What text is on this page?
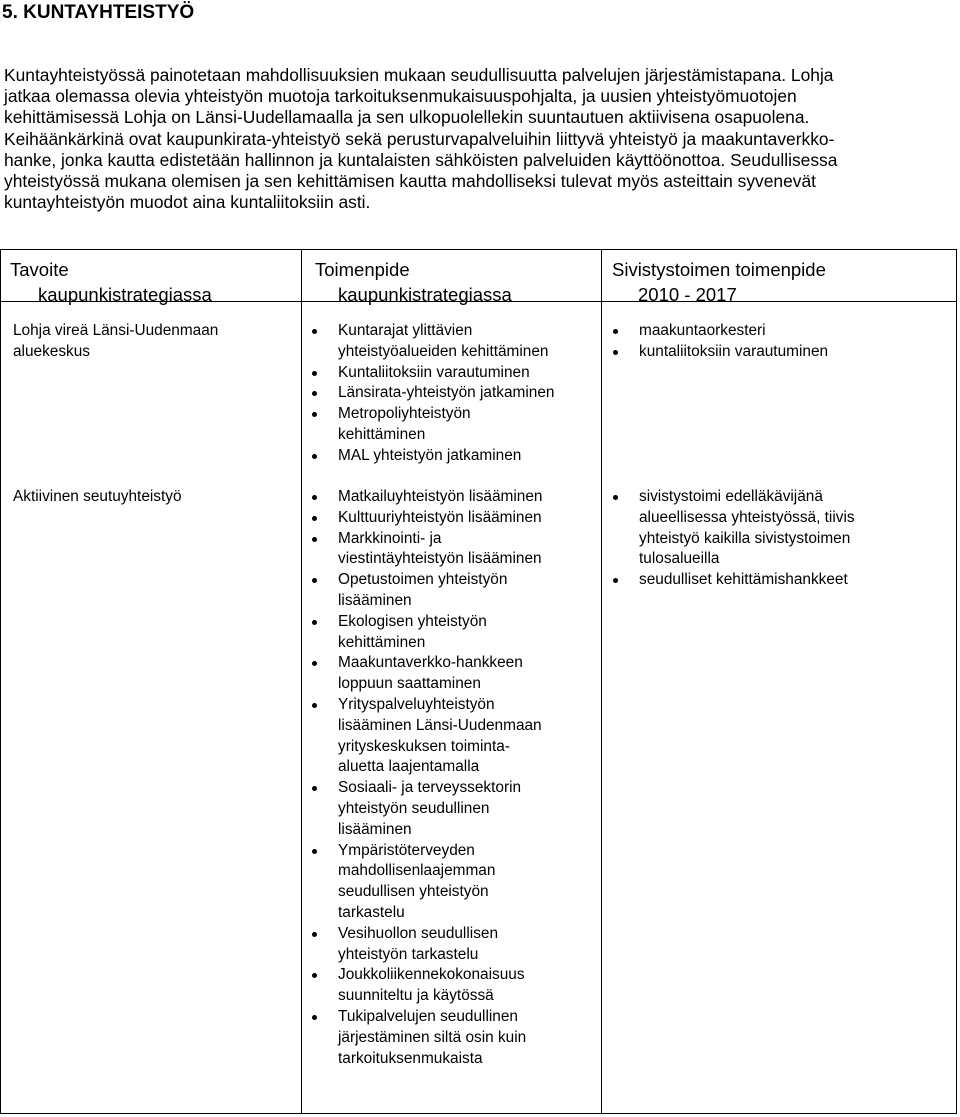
5. KUNTAYHTEISTYÖ
Kuntayhteistyössä painotetaan mahdollisuuksien mukaan seudullisuutta palvelujen järjestämistapana. Lohja
jatkaa olemassa olevia yhteistyön muotoja tarkoituksenmukaisuuspohjalta, ja uusien yhteistyömuotojen
kehittämisessä Lohja on Länsi-Uudellamaalla ja sen ulkopuolellekin suuntautuen aktiivisena osapuolena.
Keihäänkärkinä ovat kaupunkirata-yhteistyö sekä perusturvapalveluihin liittyvä yhteistyö ja maakuntaverkko-
hanke, jonka kautta edistetään hallinnon ja kuntalaisten sähköisten palveluiden käyttöönottoa. Seudullisessa
yhteistyössä mukana olemisen ja sen kehittämisen kautta mahdolliseksi tulevat myös asteittain syvenevät
kuntayhteistyön muodot aina kuntaliitoksiin asti.
Tavoite
kaupunkistrategiassa
Toimenpide
kaupunkistrategiassa
Sivistystoimen toimenpide
2010 - 2017
Lohja vireä Länsi-Uudenmaan
aluekeskus
Kuntarajat ylittävien
yhteistyöalueiden kehittäminen
Kuntaliitoksiin varautuminen
Länsirata-yhteistyön jatkaminen
Metropoliyhteistyön
kehittäminen
MAL yhteistyön jatkaminen
maakuntaorkesteri
kuntaliitoksiin varautuminen
Aktiivinen seutuyhteistyö	Matkailuyhteistyön lisääminen
Kulttuuriyhteistyön lisääminen
Markkinointi- ja
viestintäyhteistyön lisääminen
Opetustoimen yhteistyön
lisääminen
Ekologisen yhteistyön
kehittäminen
Maakuntaverkko-hankkeen
loppuun saattaminen
Yrityspalveluyhteistyön
lisääminen Länsi-Uudenmaan
yrityskeskuksen toiminta-
aluetta laajentamalla
Sosiaali- ja terveyssektorin
yhteistyön seudullinen
lisääminen
Ympäristöterveyden
mahdollisenlaajemman
seudullisen yhteistyön
tarkastelu
Vesihuollon seudullisen
yhteistyön tarkastelu
Joukkoliikennekokonaisuus
suunniteltu ja käytössä
Tukipalvelujen seudullinen
järjestäminen siltä osin kuin
tarkoituksenmukaista
sivistystoimi edelläkävijänä
alueellisessa yhteistyössä, tiivis
yhteistyö kaikilla sivistystoimen
tulosalueilla
seudulliset kehittämishankkeet
